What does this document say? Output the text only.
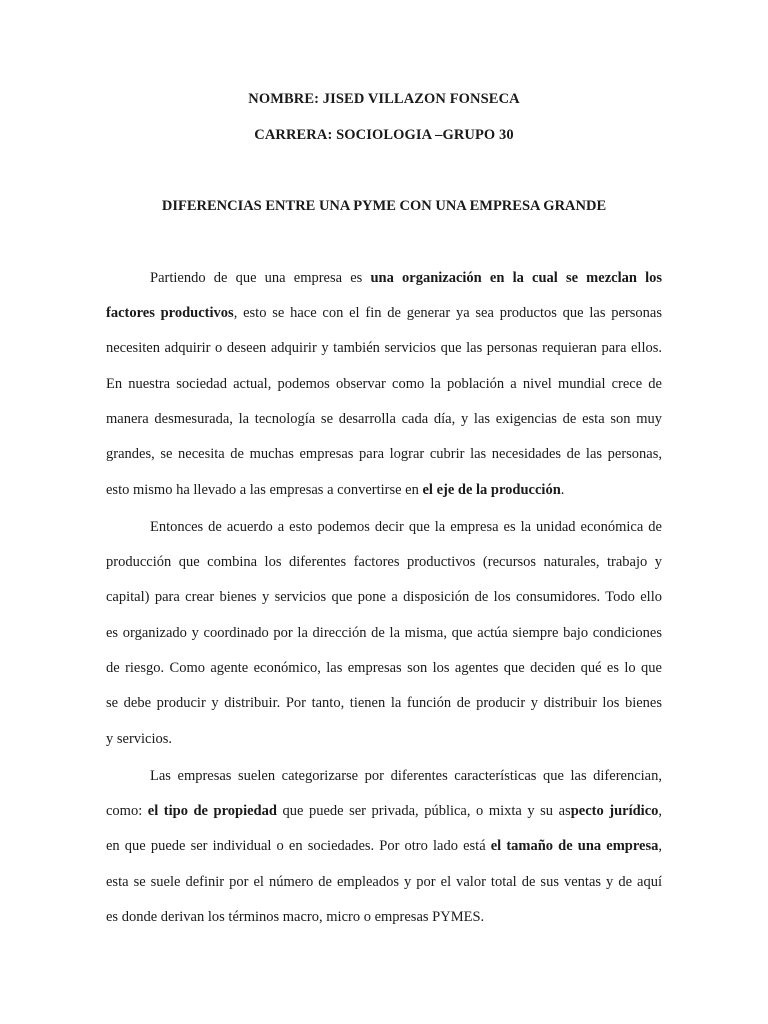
NOMBRE: JISED VILLAZON FONSECA
CARRERA: SOCIOLOGIA –GRUPO 30
DIFERENCIAS ENTRE UNA PYME CON UNA EMPRESA GRANDE
Partiendo de que una empresa es una organización en la cual se mezclan los
factores productivos, esto se hace con el fin de generar ya sea productos que las personas
necesiten adquirir o deseen adquirir y también servicios que las personas requieran para ellos.
En nuestra sociedad actual, podemos observar como la población a nivel mundial crece de
manera desmesurada, la tecnología se desarrolla cada día, y las exigencias de esta son muy
grandes, se necesita de muchas empresas para lograr cubrir las necesidades de las personas,
esto mismo ha llevado a las empresas a convertirse en el eje de la producción.
Entonces de acuerdo a esto podemos decir que la empresa es la unidad económica de
producción que combina los diferentes factores productivos (recursos naturales, trabajo y
capital) para crear bienes y servicios que pone a disposición de los consumidores. Todo ello
es organizado y coordinado por la dirección de la misma, que actúa siempre bajo condiciones
de riesgo. Como agente económico, las empresas son los agentes que deciden qué es lo que
se debe producir y distribuir. Por tanto, tienen la función de producir y distribuir los bienes
y servicios.
Las empresas suelen categorizarse por diferentes características que las diferencian,
como: el tipo de propiedad que puede ser privada, pública, o mixta y su aspecto jurídico,
en que puede ser individual o en sociedades. Por otro lado está el tamaño de una empresa,
esta se suele definir por el número de empleados y por el valor total de sus ventas y de aquí
es donde derivan los términos macro, micro o empresas PYMES.
